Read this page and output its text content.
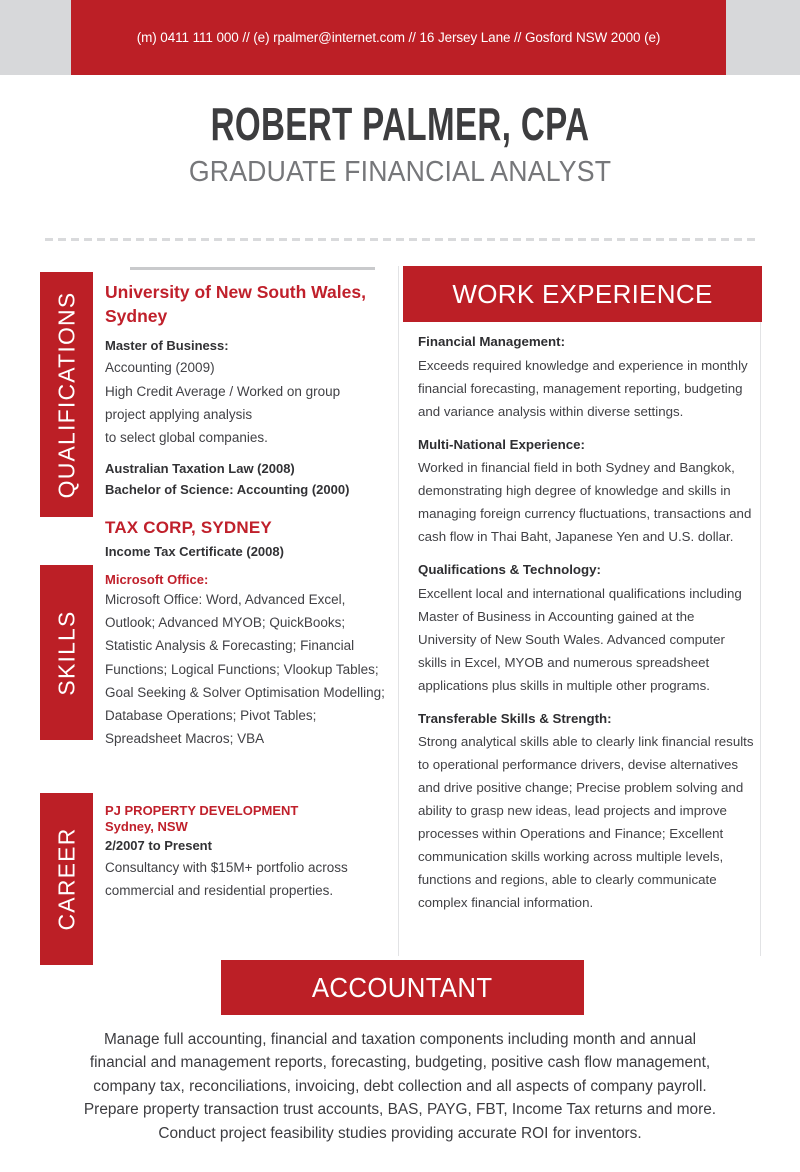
(m) 0411 111 000 // (e) rpalmer@internet.com // 16 Jersey Lane // Gosford NSW 2000 (e)
ROBERT PALMER, CPA
GRADUATE FINANCIAL ANALYST
QUALIFICATIONS University of New South Wales, Sydney
Master of Business:
Accounting (2009)
High Credit Average / Worked on group
project applying analysis
to select global companies.
Australian Taxation Law (2008)
Bachelor of Science: Accounting (2000)
TAX CORP, SYDNEY
Income Tax Certificate (2008)
SKILLS
Microsoft Office:
Microsoft Office: Word, Advanced Excel,
Outlook; Advanced MYOB; QuickBooks;
Statistic Analysis & Forecasting; Financial
Functions; Logical Functions; Vlookup Tables;
Goal Seeking & Solver Optimisation Modelling;
Database Operations; Pivot Tables;
Spreadsheet Macros; VBA
CAREER
PJ PROPERTY DEVELOPMENT
Sydney, NSW
2/2007 to Present
Consultancy with $15M+ portfolio across
commercial and residential properties.
WORK EXPERIENCE
Financial Management:
Exceeds required knowledge and experience in monthly financial forecasting, management reporting, budgeting and variance analysis within diverse settings.
Multi-National Experience:
Worked in financial field in both Sydney and Bangkok, demonstrating high degree of knowledge and skills in managing foreign currency fluctuations, transactions and cash flow in Thai Baht, Japanese Yen and U.S. dollar.
Qualifications & Technology:
Excellent local and international qualifications including Master of Business in Accounting gained at the University of New South Wales. Advanced computer skills in Excel, MYOB and numerous spreadsheet applications plus skills in multiple other programs.
Transferable Skills & Strength:
Strong analytical skills able to clearly link financial results to operational performance drivers, devise alternatives and drive positive change; Precise problem solving and ability to grasp new ideas, lead projects and improve processes within Operations and Finance; Excellent communication skills working across multiple levels, functions and regions, able to clearly communicate complex financial information.
ACCOUNTANT
Manage full accounting, financial and taxation components including month and annual
financial and management reports, forecasting, budgeting, positive cash flow management,
company tax, reconciliations, invoicing, debt collection and all aspects of company payroll.
Prepare property transaction trust accounts, BAS, PAYG, FBT, Income Tax returns and more.
Conduct project feasibility studies providing accurate ROI for inventors.
